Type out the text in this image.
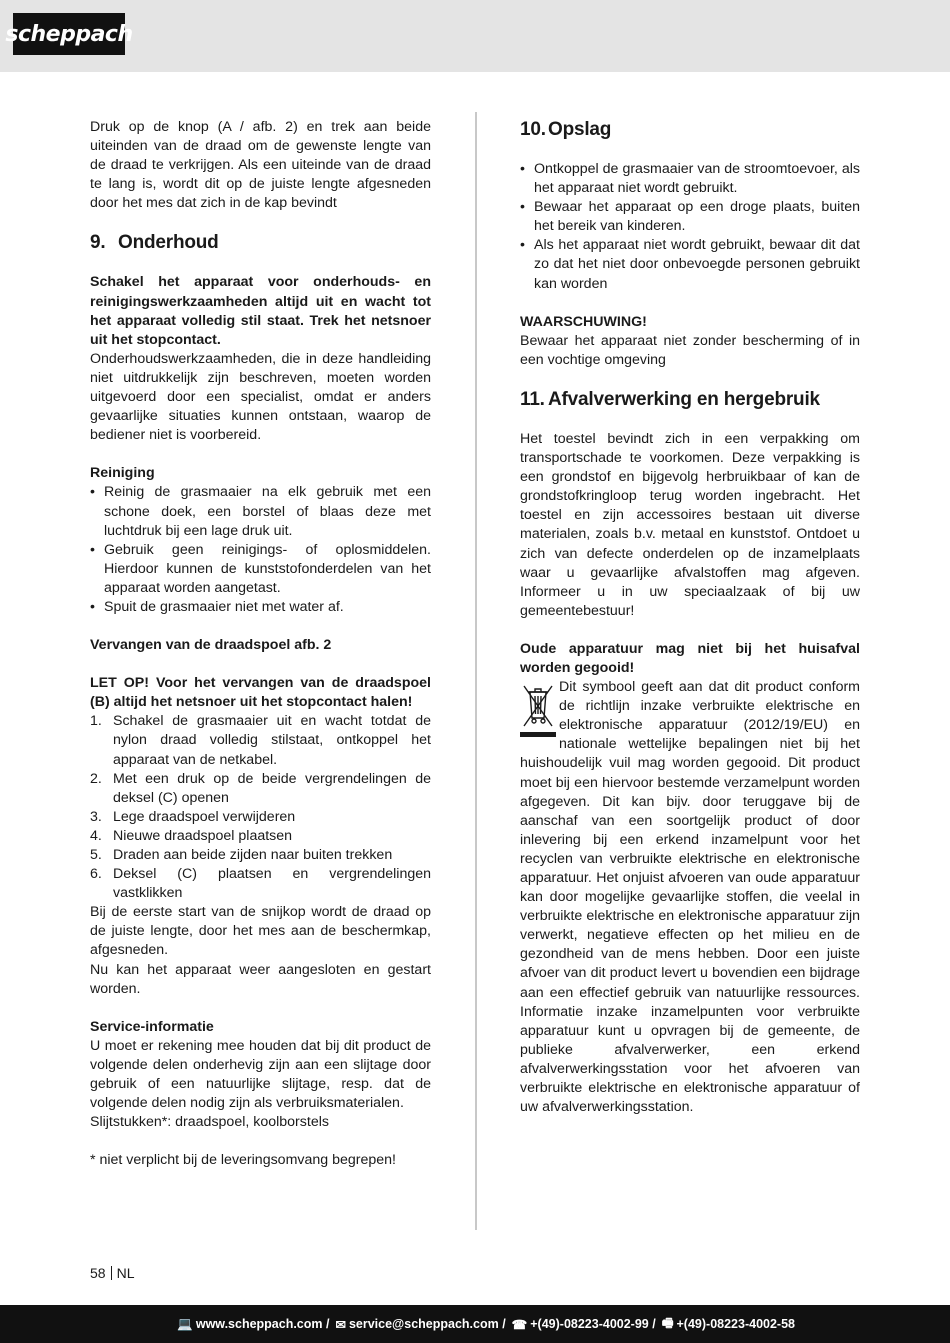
scheppach

Druk op de knop (A / afb. 2) en trek aan beide uiteinden van de draad om de gewenste lengte van de draad te verkrijgen. Als een uiteinde van de draad te lang is, wordt dit op de juiste lengte afgesneden door het mes dat zich in de kap bevindt

9. Onderhoud

Schakel het apparaat voor onderhouds- en reinigingswerkzaamheden altijd uit en wacht tot het apparaat volledig stil staat. Trek het netsnoer uit het stopcontact.

Onderhoudswerkzaamheden, die in deze handleiding niet uitdrukkelijk zijn beschreven, moeten worden uitgevoerd door een specialist, omdat er anders gevaarlijke situaties kunnen ontstaan, waarop de bediener niet is voorbereid.

Reiniging

• Reinig de grasmaaier na elk gebruik met een schone doek, een borstel of blaas deze met luchtdruk bij een lage druk uit.
• Gebruik geen reinigings- of oplosmiddelen. Hierdoor kunnen de kunststofonderdelen van het apparaat worden aangetast.
• Spuit de grasmaaier niet met water af.

Vervangen van de draadspoel afb. 2

LET OP! Voor het vervangen van de draadspoel (B) altijd het netsnoer uit het stopcontact halen!

1. Schakel de grasmaaier uit en wacht totdat de nylon draad volledig stilstaat, ontkoppel het apparaat van de netkabel.
2. Met een druk op de beide vergrendelingen de deksel (C) openen
3. Lege draadspoel verwijderen
4. Nieuwe draadspoel plaatsen
5. Draden aan beide zijden naar buiten trekken
6. Deksel (C) plaatsen en vergrendelingen vastklikken

Bij de eerste start van de snijkop wordt de draad op de juiste lengte, door het mes aan de beschermkap, afgesneden.

Nu kan het apparaat weer aangesloten en gestart worden.

Service-informatie

U moet er rekening mee houden dat bij dit product de volgende delen onderhevig zijn aan een slijtage door gebruik of een natuurlijke slijtage, resp. dat de volgende delen nodig zijn als verbruiksmaterialen.

Slijtstukken*: draadspoel, koolborstels

* niet verplicht bij de leveringsomvang begrepen!

10. Opslag
• Ontkoppel de grasmaaier van de stroomtoevoer, als het apparaat niet wordt gebruikt.
• Bewaar het apparaat op een droge plaats, buiten het bereik van kinderen.
• Als het apparaat niet wordt gebruikt, bewaar dit dat zo dat het niet door onbevoegde personen gebruikt kan worden

WAARSCHUWING!

Bewaar het apparaat niet zonder bescherming of in een vochtige omgeving

11. Afvalverwerking en hergebruik

Het toestel bevindt zich in een verpakking om transportschade te voorkomen. Deze verpakking is een grondstof en bijgevolg herbruikbaar of kan de grondstofkringloop terug worden ingebracht. Het toestel en zijn accessoires bestaan uit diverse materialen, zoals b.v. metaal en kunststof. Ontdoet u zich van defecte onderdelen op de inzamelplaats waar u gevaarlijke afvalstoffen mag afgeven. Informeer u in uw speciaalzaak of bij uw gemeentebestuur!

Oude apparatuur mag niet bij het huisafval worden gegooid!

Dit symbool geeft aan dat dit product conform de richtlijn inzake verbruikte elektrische en elektronische apparatuur (2012/19/EU) en nationale wettelijke bepalingen niet bij het huishoudelijk vuil mag worden gegooid. Dit product moet bij een hiervoor bestemde verzamelpunt worden afgegeven. Dit kan bijv. door teruggave bij de aanschaf van een soortgelijk product of door inlevering bij een erkend inzamelpunt voor het recyclen van verbruikte elektrische en elektronische apparatuur. Het onjuist afvoeren van oude apparatuur kan door mogelijke gevaarlijke stoffen, die veelal in verbruikte elektrische en elektronische apparatuur zijn verwerkt, negatieve effecten op het milieu en de gezondheid van de mens hebben. Door een juiste afvoer van dit product levert u bovendien een bijdrage aan een effectief gebruik van natuurlijke ressources. Informatie inzake inzamelpunten voor verbruikte apparatuur kunt u opvragen bij de gemeente, de publieke afvalverwerker, een erkend afvalverwerkingsstation voor het afvoeren van verbruikte elektrische en elektronische apparatuur of uw afvalverwerkingsstation.

58 NL
💻 www.scheppach.com / ✉ service@scheppach.com / ☎ +(49)-08223-4002-99 / 🖷 +(49)-08223-4002-58
